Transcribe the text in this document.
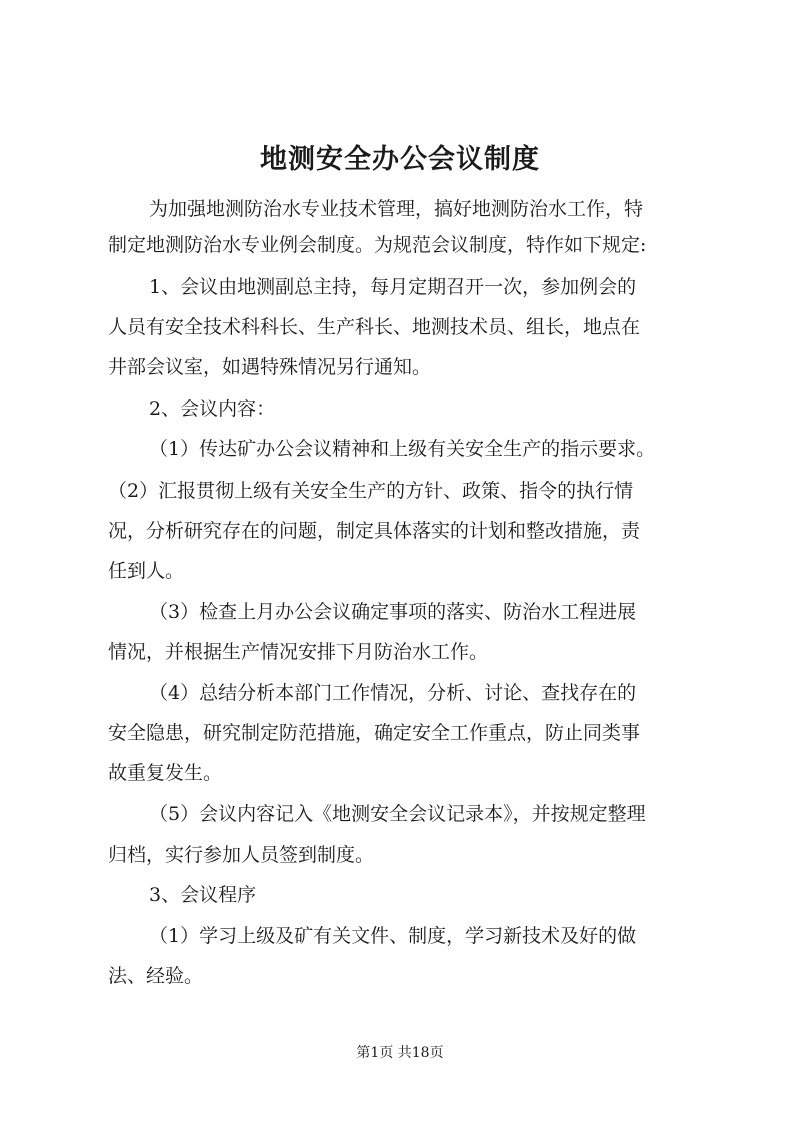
地测安全办公会议制度
为加强地测防治水专业技术管理，搞好地测防治水工作，特
制定地测防治水专业例会制度。为规范会议制度，特作如下规定:
1、会议由地测副总主持，每月定期召开一次，参加例会的
人员有安全技术科科长、生产科长、地测技术员、组长，地点在
井部会议室，如遇特殊情况另行通知。
2、会议内容：
（1）传达矿办公会议精神和上级有关安全生产的指示要求。
（2）汇报贯彻上级有关安全生产的方针、政策、指令的执行情
况，分析研究存在的问题，制定具体落实的计划和整改措施，责
任到人。
（3）检查上月办公会议确定事项的落实、防治水工程进展
情况，并根据生产情况安排下月防治水工作。
（4）总结分析本部门工作情况，分析、讨论、查找存在的
安全隐患，研究制定防范措施，确定安全工作重点，防止同类事
故重复发生。
（5）会议内容记入《地测安全会议记录本》，并按规定整理
归档，实行参加人员签到制度。
3、会议程序
（1）学习上级及矿有关文件、制度，学习新技术及好的做
法、经验。
第1页 共18页
